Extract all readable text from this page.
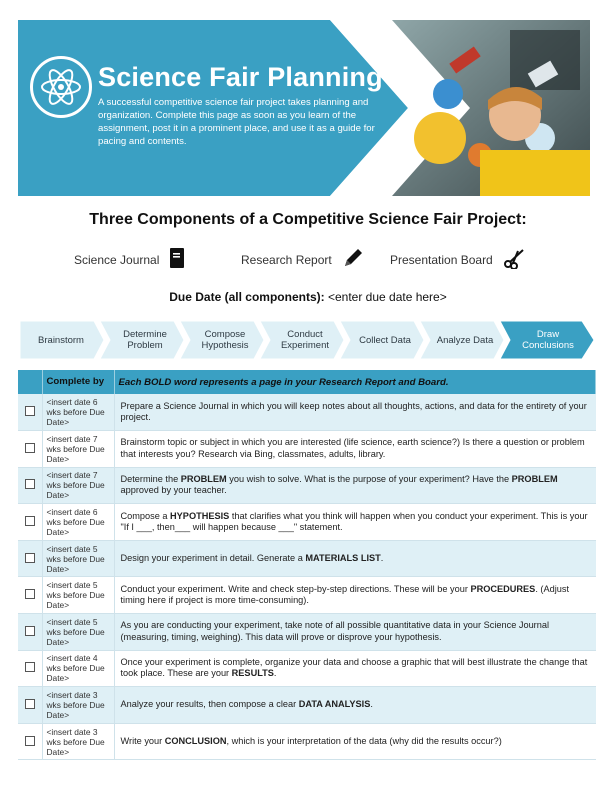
Science Fair Planning
A successful competitive science fair project takes planning and organization. Complete this page as soon as you learn of the assignment, post it in a prominent place, and use it as a guide for pacing and contents.
Three Components of a Competitive Science Fair Project:
Science Journal	Research Report	Presentation Board
Due Date (all components): <enter due date here>
Brainstorm	Determine Problem
Compose Hypothesis
Conduct Experiment	Collect Data	Analyze Data	Draw Conclusions
	Complete by	Each BOLD word represents a page in your Research Report and Board.
	<insert date 6 wks before Due Date>	Prepare a Science Journal in which you will keep notes about all thoughts, actions, and data for the entirety of your project.
	<insert date 7 wks before Due Date>	Brainstorm topic or subject in which you are interested (life science, earth science?) Is there a question or problem that interests you? Research via Bing, classmates, adults, library.
	<insert date 7 wks before Due Date>	Determine the PROBLEM you wish to solve. What is the purpose of your experiment? Have the PROBLEM approved by your teacher.
	<insert date 6 wks before Due Date>	Compose a HYPOTHESIS that clarifies what you think will happen when you conduct your experiment. This is your "If I ___, then___ will happen because ___" statement.
	<insert date 5 wks before Due Date>	Design your experiment in detail. Generate a MATERIALS LIST.
	<insert date 5 wks before Due Date>	Conduct your experiment. Write and check step-by-step directions. These will be your PROCEDURES. (Adjust timing here if project is more time-consuming).
	<insert date 5 wks before Due Date>	As you are conducting your experiment, take note of all possible quantitative data in your Science Journal (measuring, timing, weighing). This data will prove or disprove your hypothesis.
	<insert date 4 wks before Due Date>	Once your experiment is complete, organize your data and choose a graphic that will best illustrate the change that took place. These are your RESULTS.
	<insert date 3 wks before Due Date>	Analyze your results, then compose a clear DATA ANALYSIS.
	<insert date 3 wks before Due Date>	Write your CONCLUSION, which is your interpretation of the data (why did the results occur?)
